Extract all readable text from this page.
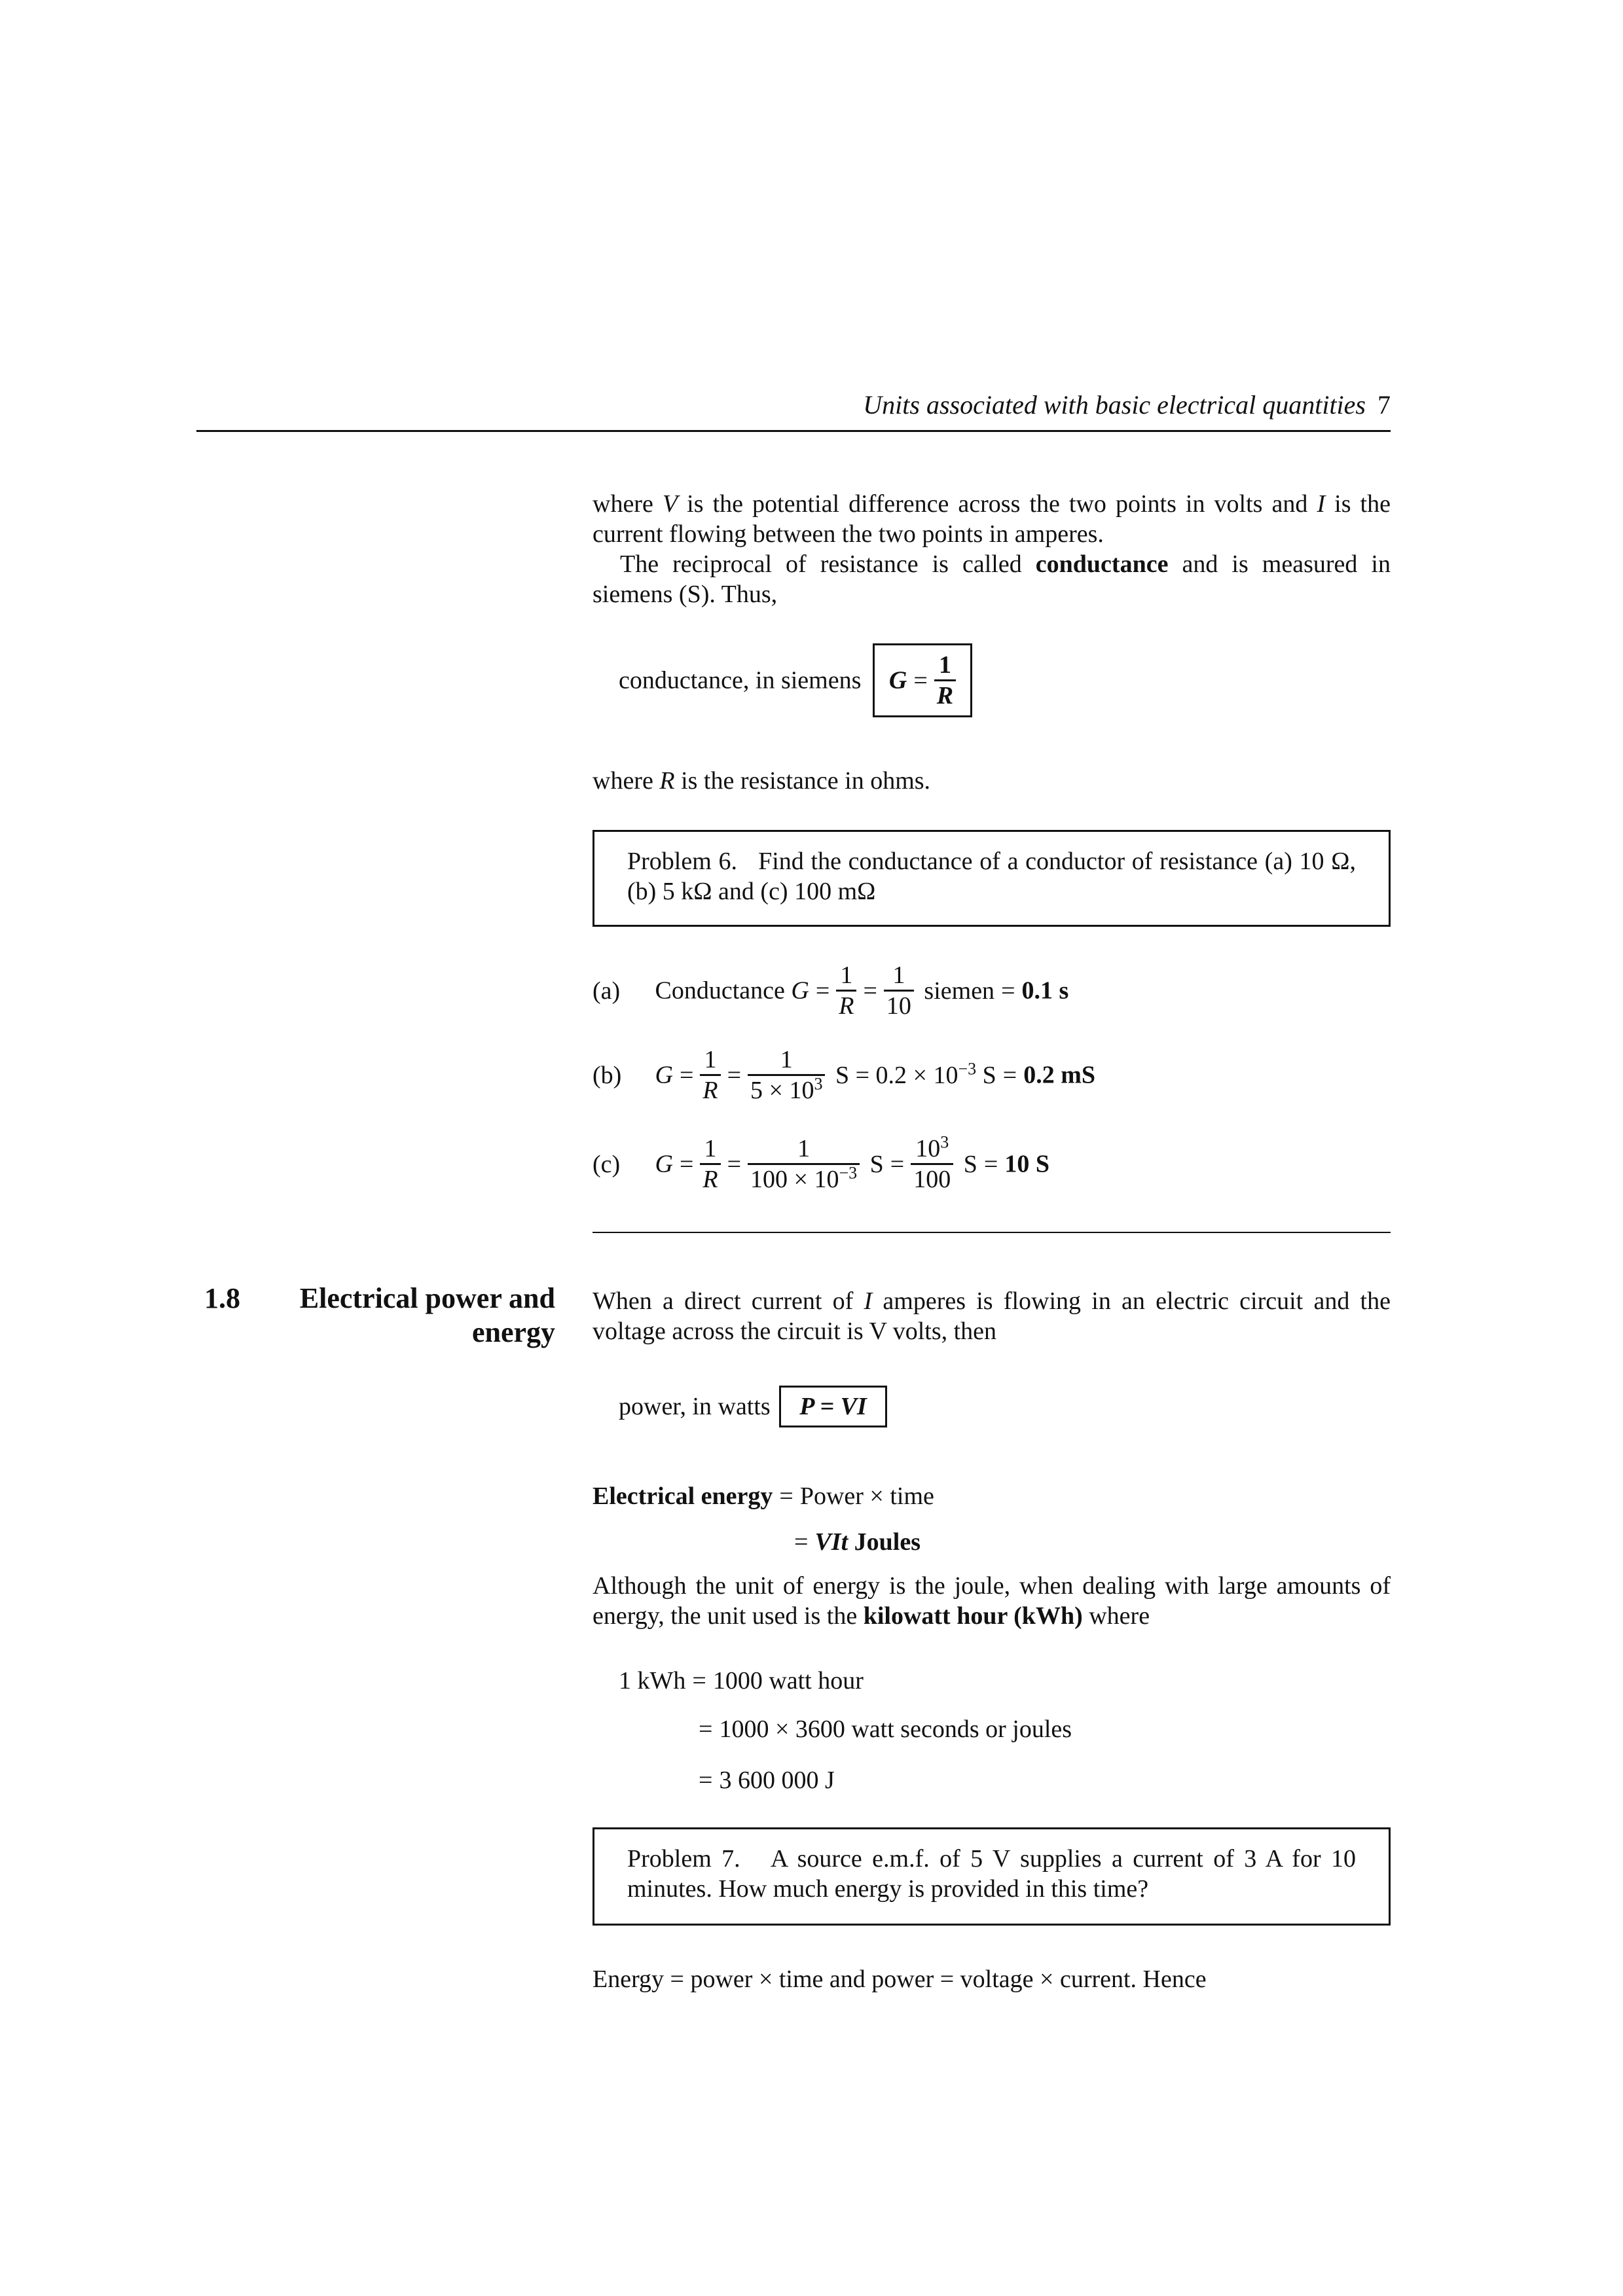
Units associated with basic electrical quantities 7
where V is the potential difference across the two points in volts and I is the current flowing between the two points in amperes.
The reciprocal of resistance is called conductance and is measured in siemens (S). Thus,
conductance, in siemens $G = \frac{1}{R}$
where R is the resistance in ohms.
Problem 6. Find the conductance of a conductor of resistance (a) 10 Ω, (b) 5 kΩ and (c) 100 mΩ
(a) Conductance $G = \frac{1}{R} = \frac{1}{10}$ siemen = 0.1 s
(b) $G = \frac{1}{R} = \frac{1}{5 \times 10^3}$ $S = 0.2 \times 10^{-3}$ S = 0.2 mS
(c) $G = \frac{1}{R} = \frac{1}{100 \times 10^{-3}}$ $S = \frac{10^3}{100}$ S = 10 S
1.8 Electrical power and
energy
When a direct current of I amperes is flowing in an electric circuit and the voltage across the circuit is V volts, then
power, in watts P = VI
Electrical energy = Power × time
= VIt Joules
Although the unit of energy is the joule, when dealing with large amounts of energy, the unit used is the kilowatt hour (kWh) where
1 kWh = 1000 watt hour
= 1000 × 3600 watt seconds or joules
= 3 600 000 J
Problem 7. A source e.m.f. of 5 V supplies a current of 3 A for 10 minutes. How much energy is provided in this time?
Energy = power × time and power = voltage × current. Hence
